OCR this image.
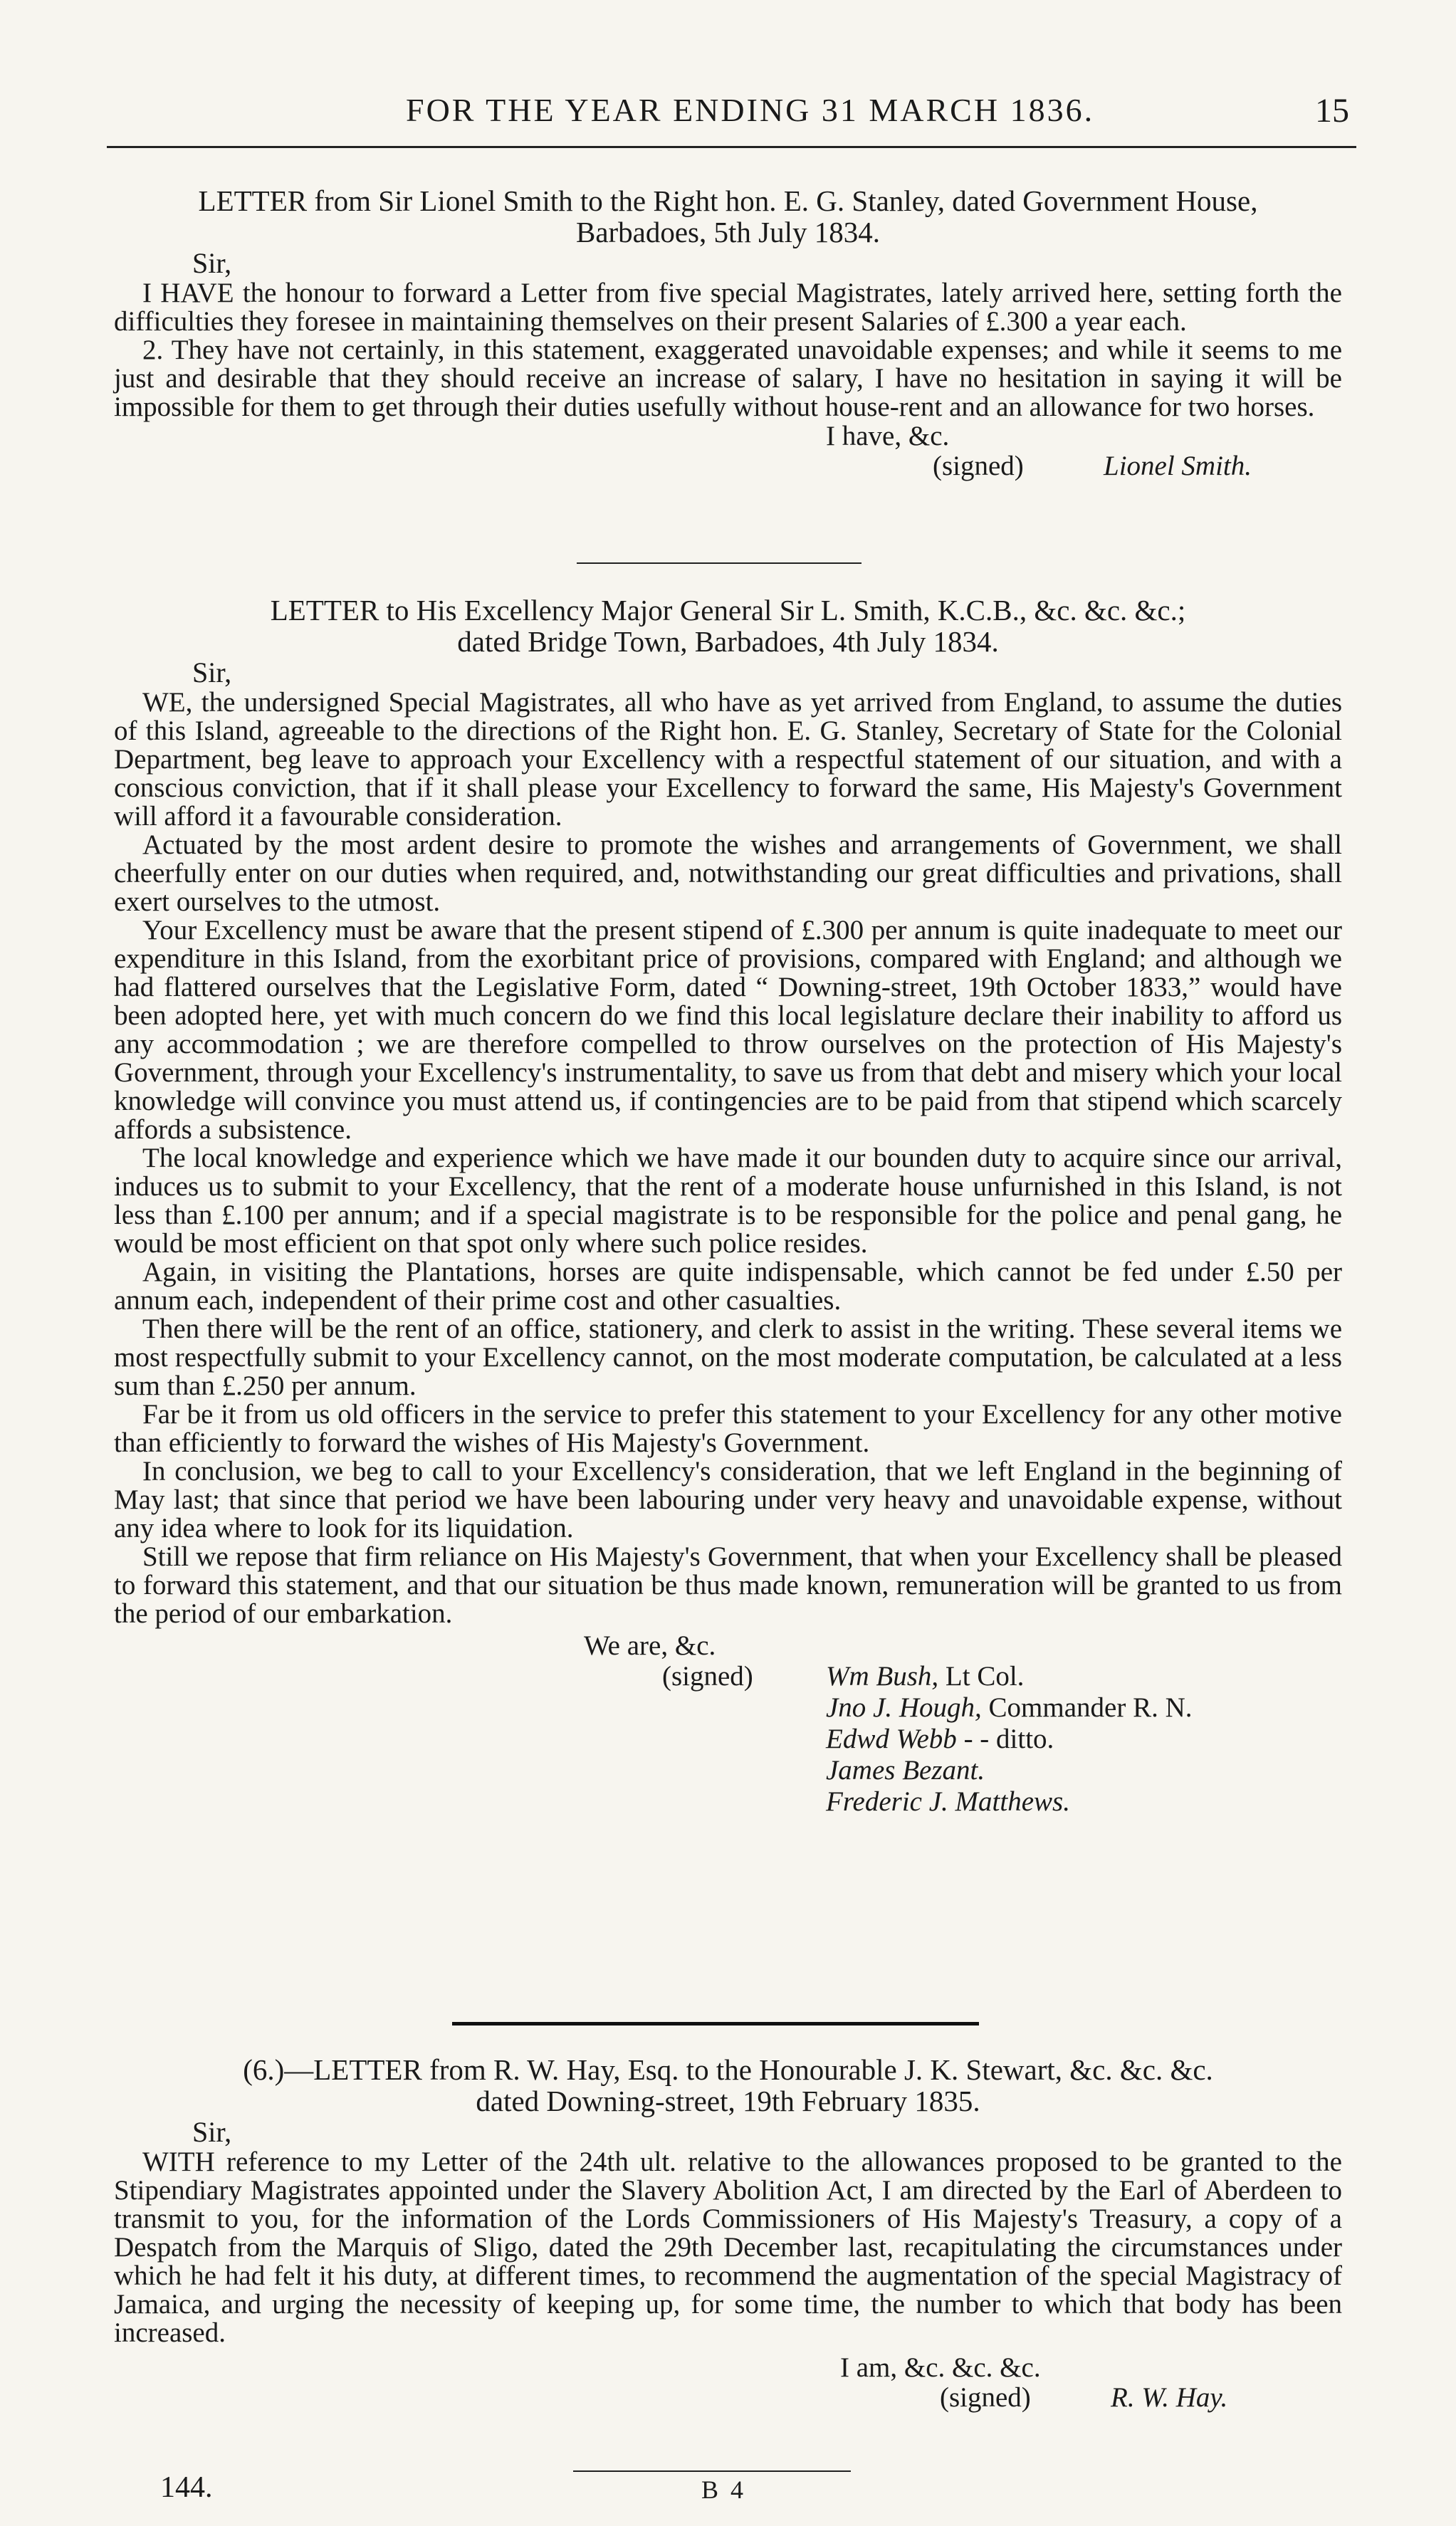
FOR THE YEAR ENDING 31 MARCH 1836.	15
LETTER from Sir Lionel Smith to the Right hon. E. G. Stanley, dated Government House,
Barbadoes, 5th July 1834.
Sir,

I HAVE the honour to forward a Letter from five special Magistrates, lately arrived here, setting forth the difficulties they foresee in maintaining themselves on their present Salaries of £.300 a year each.

2. They have not certainly, in this statement, exaggerated unavoidable expenses; and while it seems to me just and desirable that they should receive an increase of salary, I have no hesitation in saying it will be impossible for them to get through their duties usefully without house-rent and an allowance for two horses.

I have, &c.
(signed)	Lionel Smith.
LETTER to His Excellency Major General Sir L. Smith, K.C.B., &c. &c. &c.;
dated Bridge Town, Barbadoes, 4th July 1834.
Sir,

WE, the undersigned Special Magistrates, all who have as yet arrived from England, to assume the duties of this Island, agreeable to the directions of the Right hon. E. G. Stanley, Secretary of State for the Colonial Department, beg leave to approach your Excellency with a respectful statement of our situation, and with a conscious conviction, that if it shall please your Excellency to forward the same, His Majesty's Government will afford it a favourable consideration.

Actuated by the most ardent desire to promote the wishes and arrangements of Government, we shall cheerfully enter on our duties when required, and, notwithstanding our great difficulties and privations, shall exert ourselves to the utmost.

Your Excellency must be aware that the present stipend of £.300 per annum is quite inadequate to meet our expenditure in this Island, from the exorbitant price of provisions, compared with England; and although we had flattered ourselves that the Legislative Form, dated “ Downing-street, 19th October 1833,” would have been adopted here, yet with much concern do we find this local legislature declare their inability to afford us any accommodation ; we are therefore compelled to throw ourselves on the protection of His Majesty's Government, through your Excellency's instrumentality, to save us from that debt and misery which your local knowledge will convince you must attend us, if contingencies are to be paid from that stipend which scarcely affords a subsistence.

The local knowledge and experience which we have made it our bounden duty to acquire since our arrival, induces us to submit to your Excellency, that the rent of a moderate house unfurnished in this Island, is not less than £.100 per annum; and if a special magistrate is to be responsible for the police and penal gang, he would be most efficient on that spot only where such police resides.

Again, in visiting the Plantations, horses are quite indispensable, which cannot be fed under £.50 per annum each, independent of their prime cost and other casualties.

Then there will be the rent of an office, stationery, and clerk to assist in the writing. These several items we most respectfully submit to your Excellency cannot, on the most moderate computation, be calculated at a less sum than £.250 per annum.

Far be it from us old officers in the service to prefer this statement to your Excellency for any other motive than efficiently to forward the wishes of His Majesty's Government.

In conclusion, we beg to call to your Excellency's consideration, that we left England in the beginning of May last; that since that period we have been labouring under very heavy and unavoidable expense, without any idea where to look for its liquidation.

Still we repose that firm reliance on His Majesty's Government, that when your Excellency shall be pleased to forward this statement, and that our situation be thus made known, remuneration will be granted to us from the period of our embarkation.

We are, &c.
(signed)	Wm Bush, Lt Col.
Jno J. Hough, Commander R. N.
Edwd Webb - - ditto.
James Bezant.
Frederic J. Matthews.
(6.)—LETTER from R. W. Hay, Esq. to the Honourable J. K. Stewart, &c. &c. &c.
dated Downing-street, 19th February 1835.
Sir,

WITH reference to my Letter of the 24th ult. relative to the allowances proposed to be granted to the Stipendiary Magistrates appointed under the Slavery Abolition Act, I am directed by the Earl of Aberdeen to transmit to you, for the information of the Lords Commissioners of His Majesty's Treasury, a copy of a Despatch from the Marquis of Sligo, dated the 29th December last, recapitulating the circumstances under which he had felt it his duty, at different times, to recommend the augmentation of the special Magistracy of Jamaica, and urging the necessity of keeping up, for some time, the number to which that body has been increased.

I am, &c. &c. &c.
(signed)	R. W. Hay.
144.	B 4
